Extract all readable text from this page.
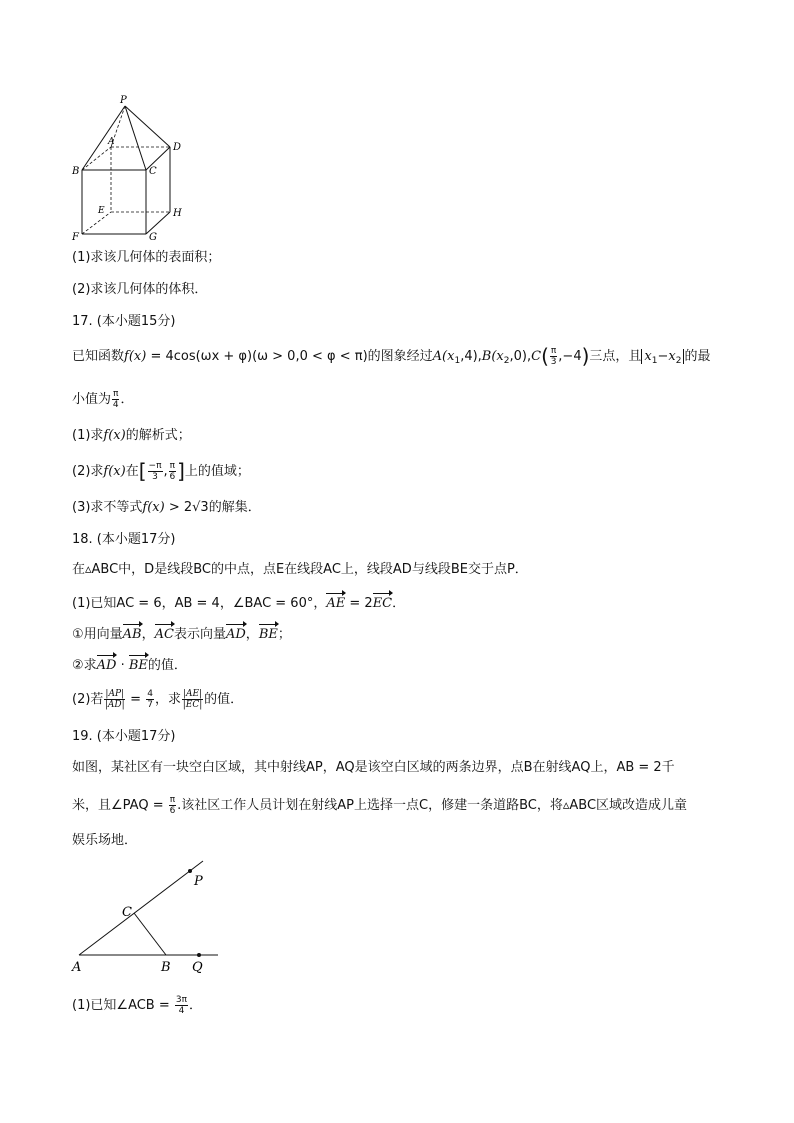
P
A
B	C
D
E
F	G
H
(1)求该几何体的表面积；
(2)求该几何体的体积．
17. (本小题15分)
已知函数f(x) = 4cos(ωx + φ)(ω > 0,0 < φ < π)的图象经过$A(x_1,4),B(x_2,0),C( \frac{\pi}{3} ,-4)$三点，且 $x_1-x_2$ 的最
小值为 $\frac{\pi}{4}$ ．
(1)求f(x)的解析式；
(2)求f(x)在[ $\frac{-\pi}{3}$ , $\frac{\pi}{6}$ ]上的值域；
(3)求不等式f(x) > 2√3的解集．
18. (本小题17分)
在▵ABC中，D是线段BC的中点，点E在线段AC上，线段AD与线段BE交于点P．
(1)已知AC = 6，AB = 4，∠BAC = 60°，AE = 2EC．
①用向量AB，AC表示向量AD，BE；
②求AD · BE的值．
(2)若 $\frac{|AP|}{|AD|} = \frac{4}{7}$ ，求 $\frac{|AE|}{|EC|}$ 的值．
19. (本小题17分)
如图，某社区有一块空白区域，其中射线AP，AQ是该空白区域的两条边界，点B在射线AQ上，AB = 2千
米，且∠PAQ = $\frac{\pi}{6}$ .该社区工作人员计划在射线AP上选择一点C，修建一条道路BC，将▵ABC区域改造成儿童
娱乐场地．
P
C
A	B Q
(1)已知∠ACB = $\frac{3\pi}{4}$ ．
